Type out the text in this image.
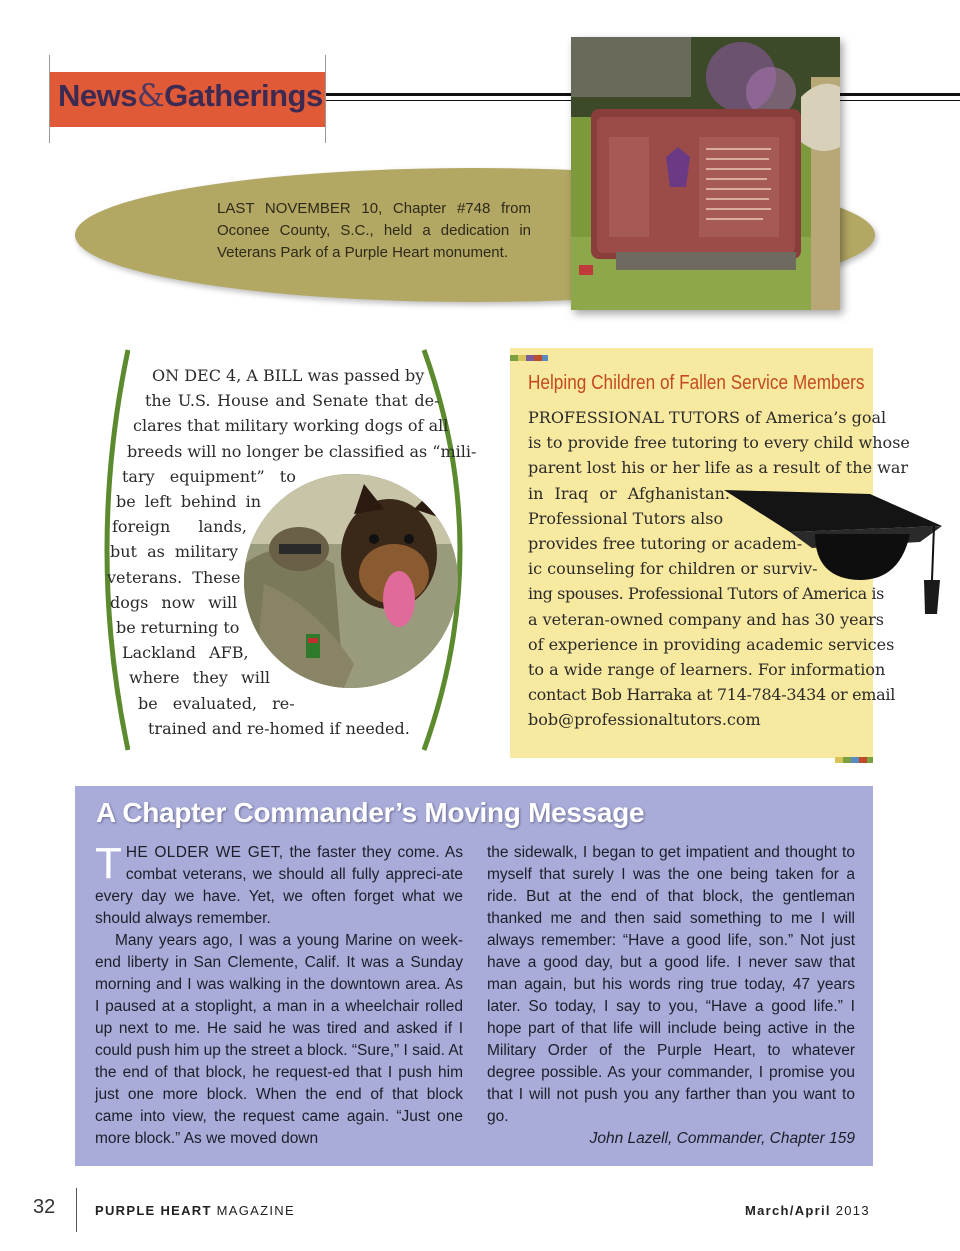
News&Gatherings
LAST NOVEMBER 10, Chapter #748 from Oconee County, S.C., held a dedication in Veterans Park of a Purple Heart monument.
ON DEC 4, A BILL was passed by
the U.S. House and Senate that de-
clares that military working dogs of all
breeds will no longer be classified as “mili-
tary equipment” to
be left behind in
foreign lands,
but as military
veterans. These
dogs now will
be returning to
Lackland AFB,
where they will
be evaluated, re-
trained and re-homed if needed.
Helping Children of Fallen Service Members
PROFESSIONAL TUTORS of America’s goal
is to provide free tutoring to every child whose
parent lost his or her life as a result of the war
in Iraq or Afghanistan.
Professional Tutors also
provides free tutoring or academ-
ic counseling for children or surviv-
ing spouses. Professional Tutors of America is
a veteran-owned company and has 30 years
of experience in providing academic services
to a wide range of learners. For information
contact Bob Harraka at 714-784-3434 or email
bob@professionaltutors.com
A Chapter Commander’s Moving Message

THE OLDER WE GET, the faster they come. As combat veterans, we should all fully appreci-ate every day we have. Yet, we often forget what we should always remember.

Many years ago, I was a young Marine on week-end liberty in San Clemente, Calif. It was a Sunday morning and I was walking in the downtown area. As I paused at a stoplight, a man in a wheelchair rolled up next to me. He said he was tired and asked if I could push him up the street a block. “Sure,” I said. At the end of that block, he request-ed that I push him just one more block. When the end of that block came into view, the request came again. “Just one more block.” As we moved down

the sidewalk, I began to get impatient and thought to myself that surely I was the one being taken for a ride. But at the end of that block, the gentleman thanked me and then said something to me I will always remember: “Have a good life, son.” Not just have a good day, but a good life. I never saw that man again, but his words ring true today, 47 years later. So today, I say to you, “Have a good life.” I hope part of that life will include being active in the Military Order of the Purple Heart, to whatever degree possible. As your commander, I promise you that I will not push you any farther than you want to go.

John Lazell, Commander, Chapter 159

32	PURPLE HEART MAGAZINE	March/April 2013
